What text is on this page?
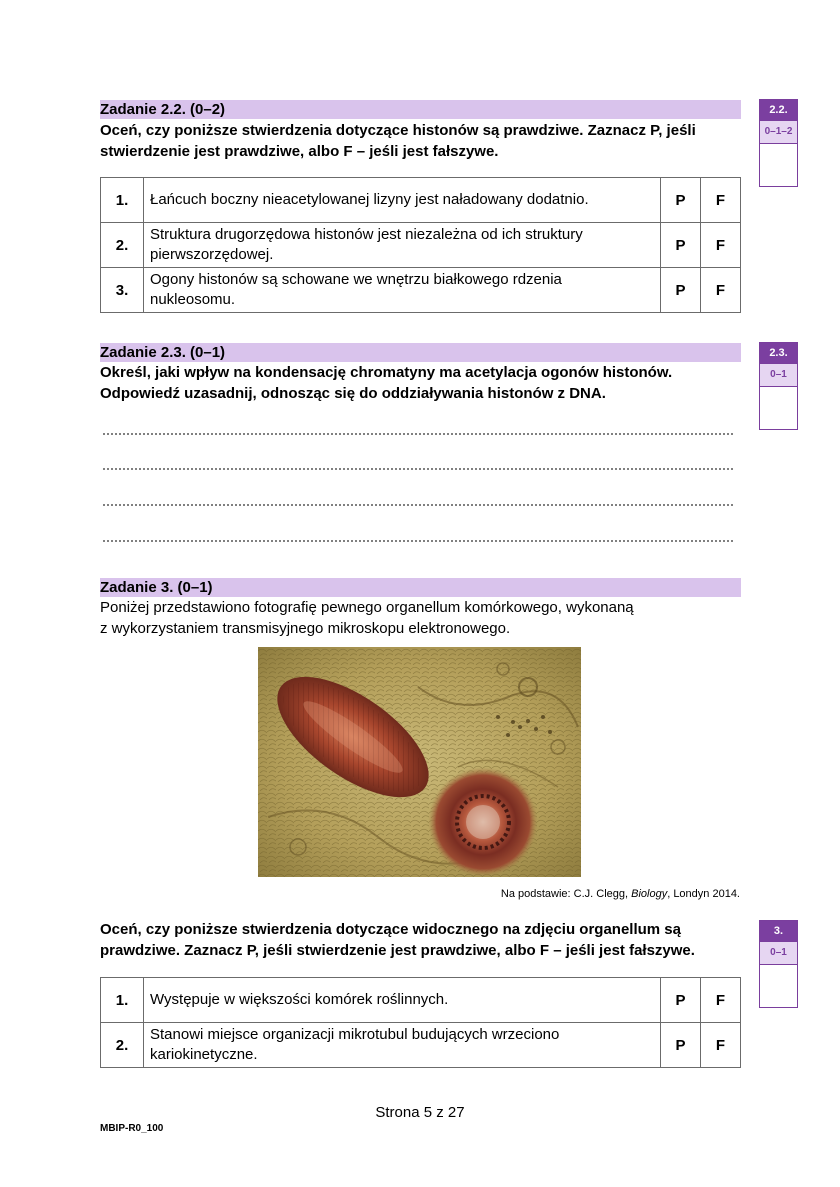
Zadanie 2.2. (0–2)
Oceń, czy poniższe stwierdzenia dotyczące histonów są prawdziwe. Zaznacz P, jeśli
stwierdzenie jest prawdziwe, albo F – jeśli jest fałszywe.
1.	Łańcuch boczny nieacetylowanej lizyny jest naładowany dodatnio.	P	F
2.	Struktura drugorzędowa histonów jest niezależna od ich struktury
pierwszorzędowej.	P	F
3.	Ogony histonów są schowane we wnętrzu białkowego rdzenia
nukleosomu.	P	F
2.2.
0–1–2
Zadanie 2.3. (0–1)
Określ, jaki wpływ na kondensację chromatyny ma acetylacja ogonów histonów.
Odpowiedź uzasadnij, odnosząc się do oddziaływania histonów z DNA.
2.3.
0–1
Zadanie 3. (0–1)
Poniżej przedstawiono fotografię pewnego organellum komórkowego, wykonaną
z wykorzystaniem transmisyjnego mikroskopu elektronowego.
Na podstawie: C.J. Clegg, Biology, Londyn 2014.
Oceń, czy poniższe stwierdzenia dotyczące widocznego na zdjęciu organellum są
prawdziwe. Zaznacz P, jeśli stwierdzenie jest prawdziwe, albo F – jeśli jest fałszywe.
1.	Występuje w większości komórek roślinnych.	P	F
2.	Stanowi miejsce organizacji mikrotubul budujących wrzeciono
kariokinetyczne.	P	F
3.
0–1
Strona 5 z 27
MBIP-R0_100
